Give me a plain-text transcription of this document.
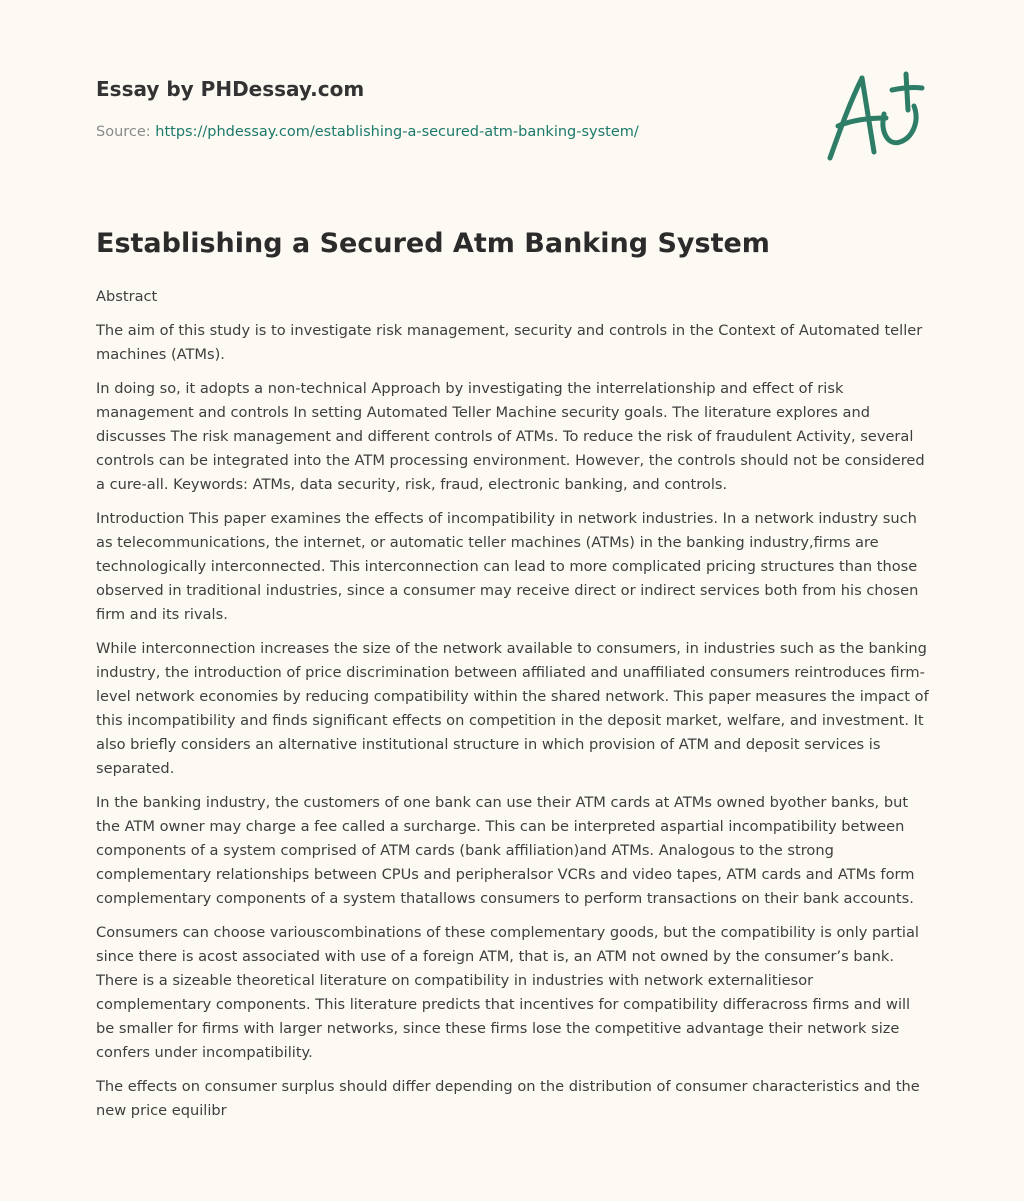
Essay by PHDessay.com
Source: https://phdessay.com/establishing-a-secured-atm-banking-system/
Establishing a Secured Atm Banking System

Abstract

The aim of this study is to investigate risk management, security and controls in the Context of Automated teller machines (ATMs).

In doing so, it adopts a non-technical Approach by investigating the interrelationship and effect of risk management and controls In setting Automated Teller Machine security goals. The literature explores and discusses The risk management and different controls of ATMs. To reduce the risk of fraudulent Activity, several controls can be integrated into the ATM processing environment. However, the controls should not be considered a cure-all. Keywords: ATMs, data security, risk, fraud, electronic banking, and controls.

Introduction This paper examines the effects of incompatibility in network industries. In a network industry such as telecommunications, the internet, or automatic teller machines (ATMs) in the banking industry,firms are technologically interconnected. This interconnection can lead to more complicated pricing structures than those observed in traditional industries, since a consumer may receive direct or indirect services both from his chosen firm and its rivals.

While interconnection increases the size of the network available to consumers, in industries such as the banking industry, the introduction of price discrimination between affiliated and unaffiliated consumers reintroduces firm-level network economies by reducing compatibility within the shared network. This paper measures the impact of this incompatibility and finds significant effects on competition in the deposit market, welfare, and investment. It also briefly considers an alternative institutional structure in which provision of ATM and deposit services is separated.

In the banking industry, the customers of one bank can use their ATM cards at ATMs owned byother banks, but the ATM owner may charge a fee called a surcharge. This can be interpreted aspartial incompatibility between components of a system comprised of ATM cards (bank affiliation)and ATMs. Analogous to the strong complementary relationships between CPUs and peripheralsor VCRs and video tapes, ATM cards and ATMs form complementary components of a system thatallows consumers to perform transactions on their bank accounts.

Consumers can choose variouscombinations of these complementary goods, but the compatibility is only partial since there is acost associated with use of a foreign ATM, that is, an ATM not owned by the consumer’s bank. There is a sizeable theoretical literature on compatibility in industries with network externalitiesor complementary components. This literature predicts that incentives for compatibility differacross firms and will be smaller for firms with larger networks, since these firms lose the competitive advantage their network size confers under incompatibility.

The effects on consumer surplus should differ depending on the distribution of consumer characteristics and the new price equilibr
